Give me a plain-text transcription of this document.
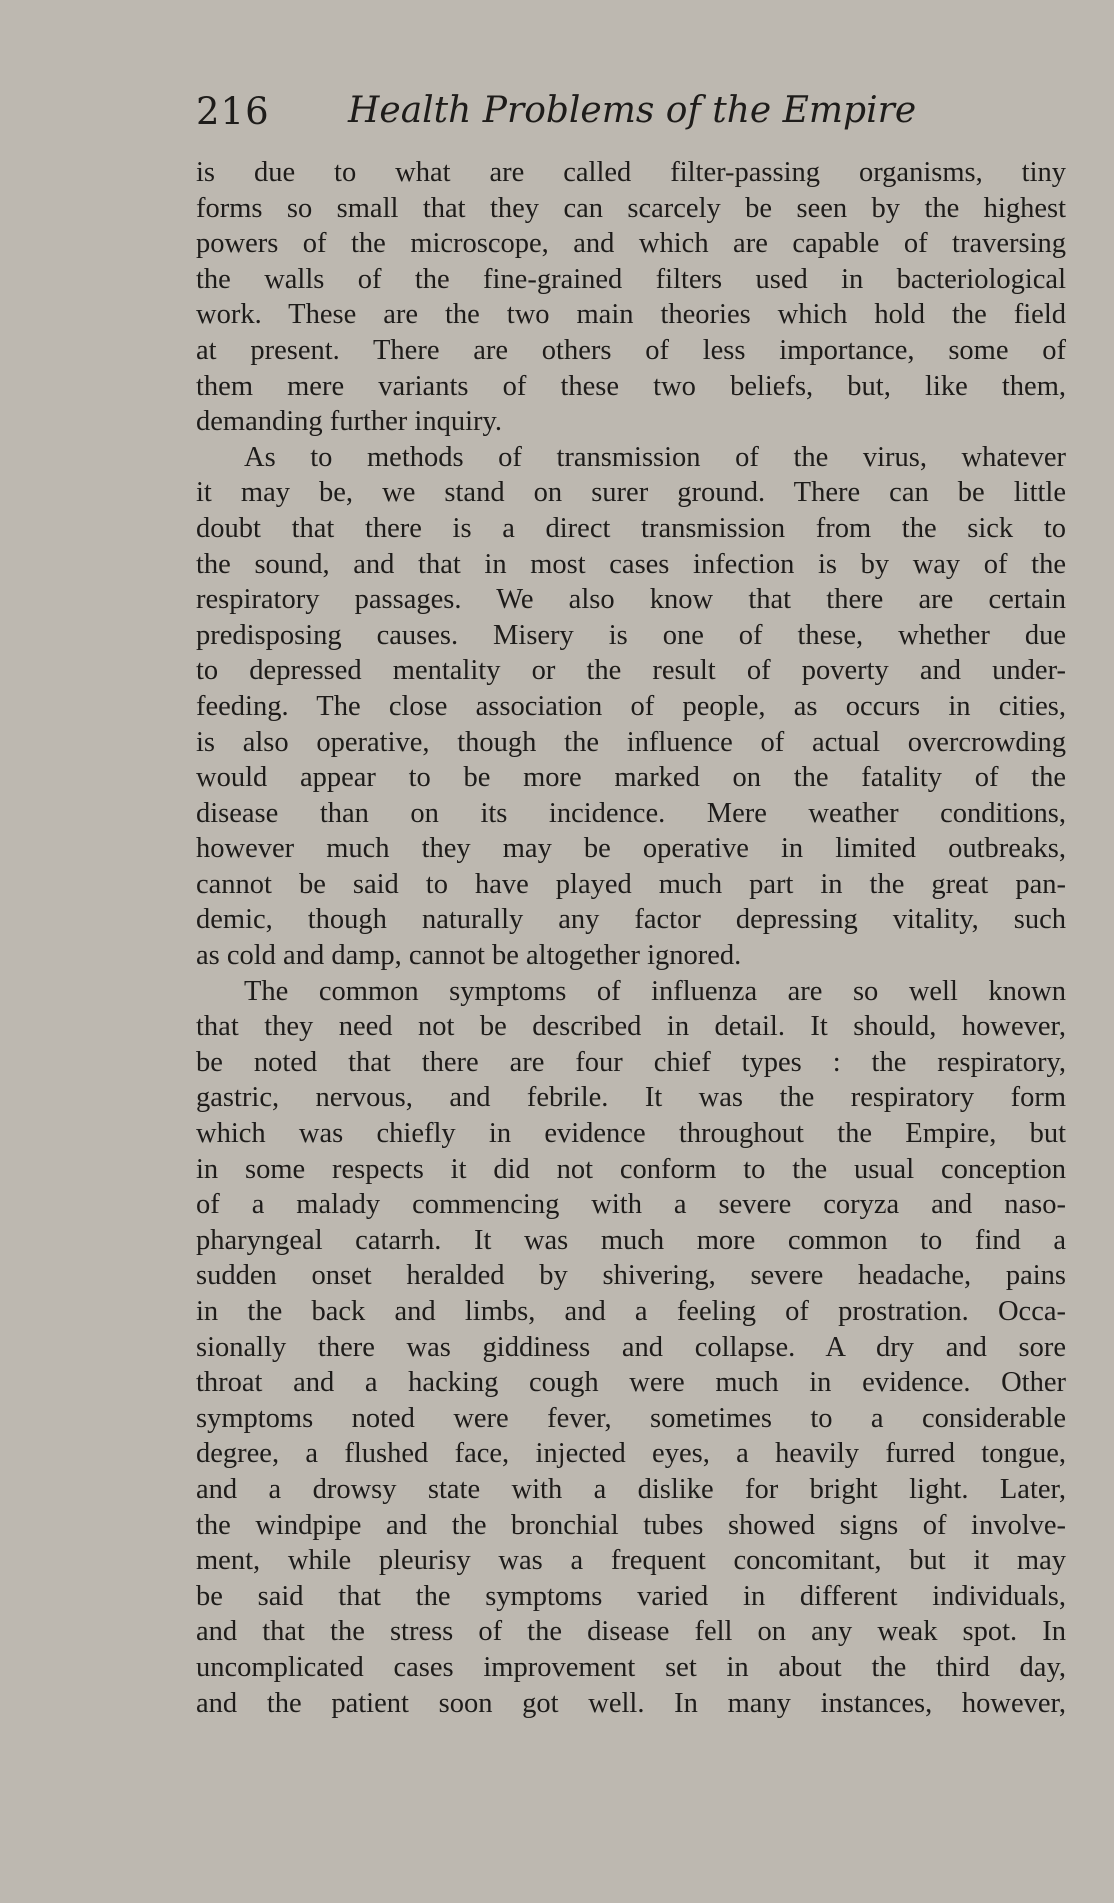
216 Health Problems of the Empire
is due to what are called filter-passing organisms, tiny
forms so small that they can scarcely be seen by the highest
powers of the microscope, and which are capable of traversing
the walls of the fine-grained filters used in bacteriological
work. These are the two main theories which hold the field
at present. There are others of less importance, some of
them mere variants of these two beliefs, but, like them,
demanding further inquiry.
As to methods of transmission of the virus, whatever
it may be, we stand on surer ground. There can be little
doubt that there is a direct transmission from the sick to
the sound, and that in most cases infection is by way of the
respiratory passages. We also know that there are certain
predisposing causes. Misery is one of these, whether due
to depressed mentality or the result of poverty and under-
feeding. The close association of people, as occurs in cities,
is also operative, though the influence of actual overcrowding
would appear to be more marked on the fatality of the
disease than on its incidence. Mere weather conditions,
however much they may be operative in limited outbreaks,
cannot be said to have played much part in the great pan-
demic, though naturally any factor depressing vitality, such
as cold and damp, cannot be altogether ignored.
The common symptoms of influenza are so well known
that they need not be described in detail. It should, however,
be noted that there are four chief types : the respiratory,
gastric, nervous, and febrile. It was the respiratory form
which was chiefly in evidence throughout the Empire, but
in some respects it did not conform to the usual conception
of a malady commencing with a severe coryza and naso-
pharyngeal catarrh. It was much more common to find a
sudden onset heralded by shivering, severe headache, pains
in the back and limbs, and a feeling of prostration. Occa-
sionally there was giddiness and collapse. A dry and sore
throat and a hacking cough were much in evidence. Other
symptoms noted were fever, sometimes to a considerable
degree, a flushed face, injected eyes, a heavily furred tongue,
and a drowsy state with a dislike for bright light. Later,
the windpipe and the bronchial tubes showed signs of involve-
ment, while pleurisy was a frequent concomitant, but it may
be said that the symptoms varied in different individuals,
and that the stress of the disease fell on any weak spot. In
uncomplicated cases improvement set in about the third day,
and the patient soon got well. In many instances, however,
